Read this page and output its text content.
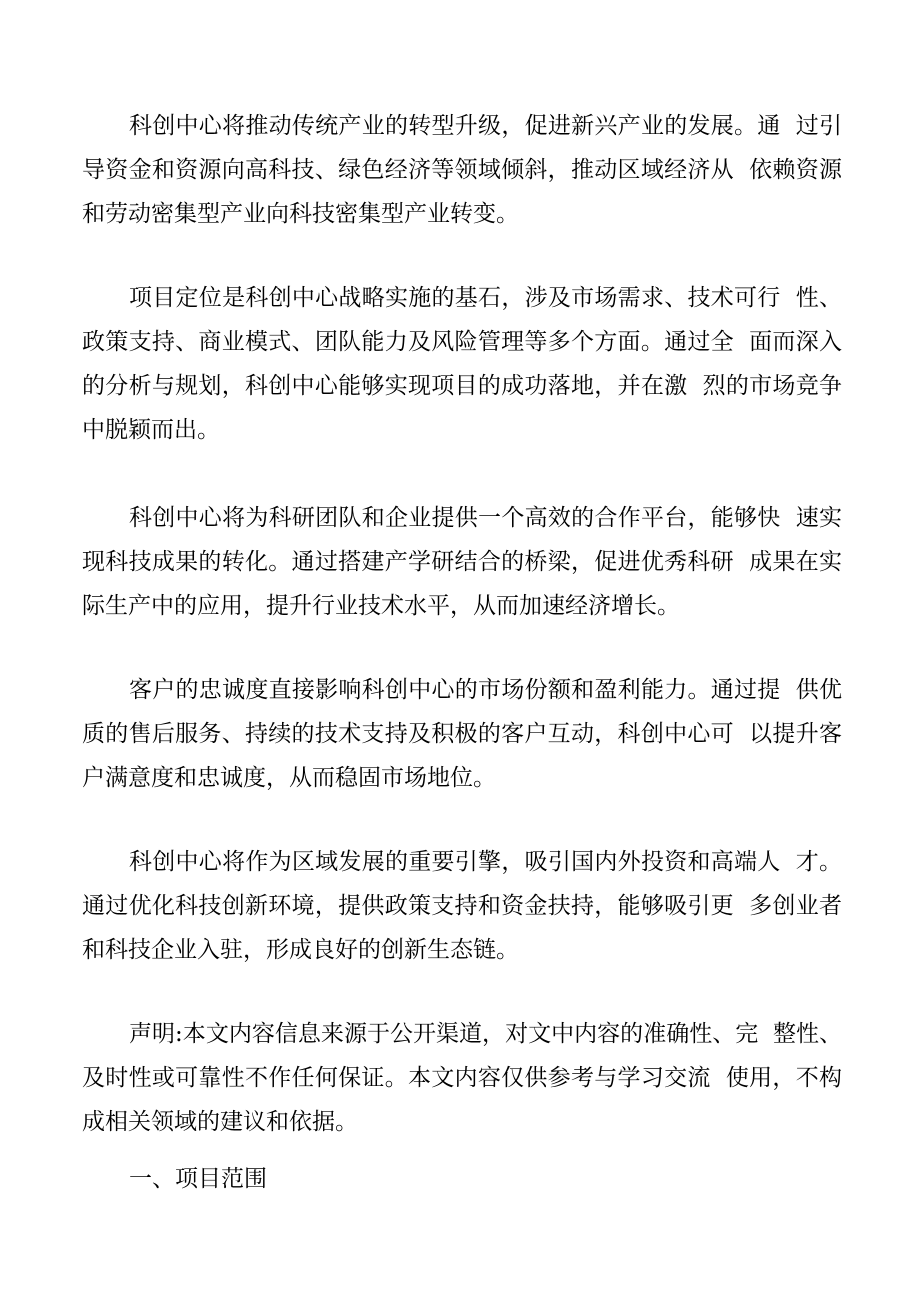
科创中心将推动传统产业的转型升级，促进新兴产业的发展。通  过引
导资金和资源向高科技、绿色经济等领域倾斜，推动区域经济从  依赖资源
和劳动密集型产业向科技密集型产业转变。
项目定位是科创中心战略实施的基石，涉及市场需求、技术可行  性、
政策支持、商业模式、团队能力及风险管理等多个方面。通过全  面而深入
的分析与规划，科创中心能够实现项目的成功落地，并在激  烈的市场竞争
中脱颖而出。
科创中心将为科研团队和企业提供一个高效的合作平台，能够快  速实
现科技成果的转化。通过搭建产学研结合的桥梁，促进优秀科研  成果在实
际生产中的应用，提升行业技术水平，从而加速经济增长。
客户的忠诚度直接影响科创中心的市场份额和盈利能力。通过提  供优
质的售后服务、持续的技术支持及积极的客户互动，科创中心可  以提升客
户满意度和忠诚度，从而稳固市场地位。
科创中心将作为区域发展的重要引擎，吸引国内外投资和高端人  才。
通过优化科技创新环境，提供政策支持和资金扶持，能够吸引更  多创业者
和科技企业入驻，形成良好的创新生态链。
声明:本文内容信息来源于公开渠道，对文中内容的准确性、完  整性、
及时性或可靠性不作任何保证。本文内容仅供参考与学习交流  使用，不构
成相关领域的建议和依据。
一、项目范围
